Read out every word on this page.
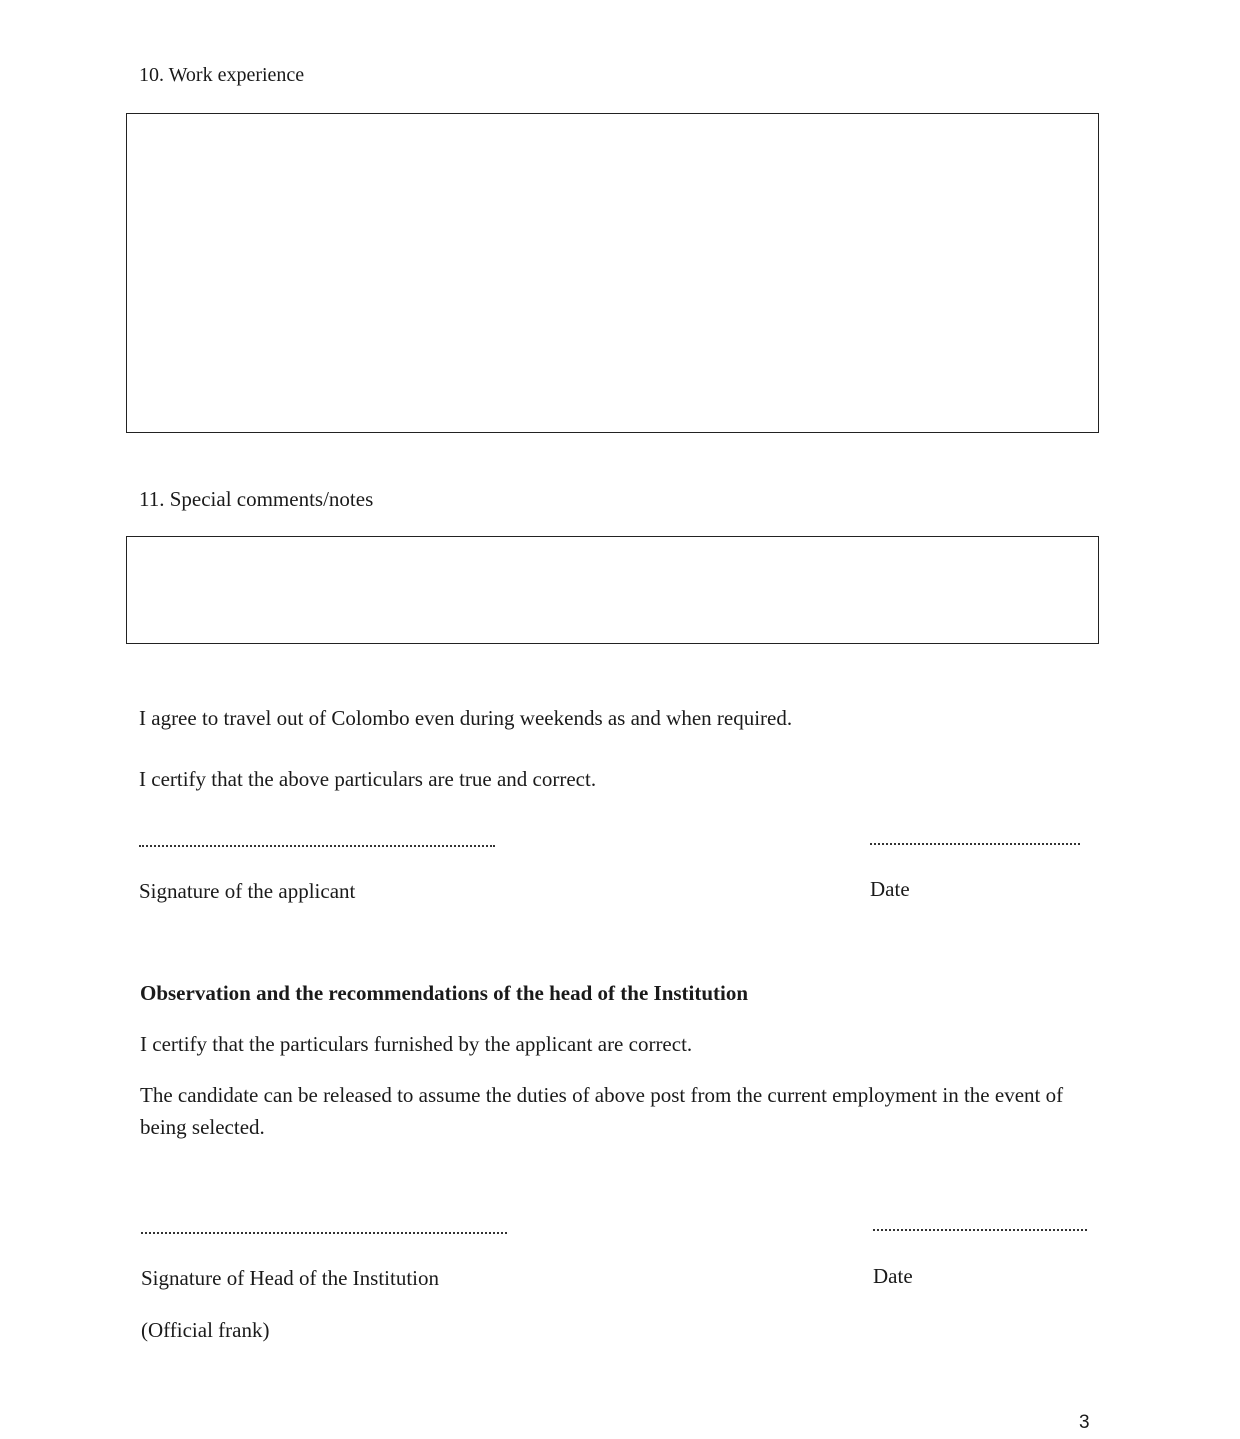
10. Work experience
11. Special comments/notes
I agree to travel out of Colombo even during weekends as and when required.
I certify that the above particulars are true and correct.
Signature of the applicant	Date
Observation and the recommendations of the head of the Institution
I certify that the particulars furnished by the applicant are correct.
The candidate can be released to assume the duties of above post from the current employment in the event of being selected.
Signature of Head of the Institution	Date
(Official frank)
3
